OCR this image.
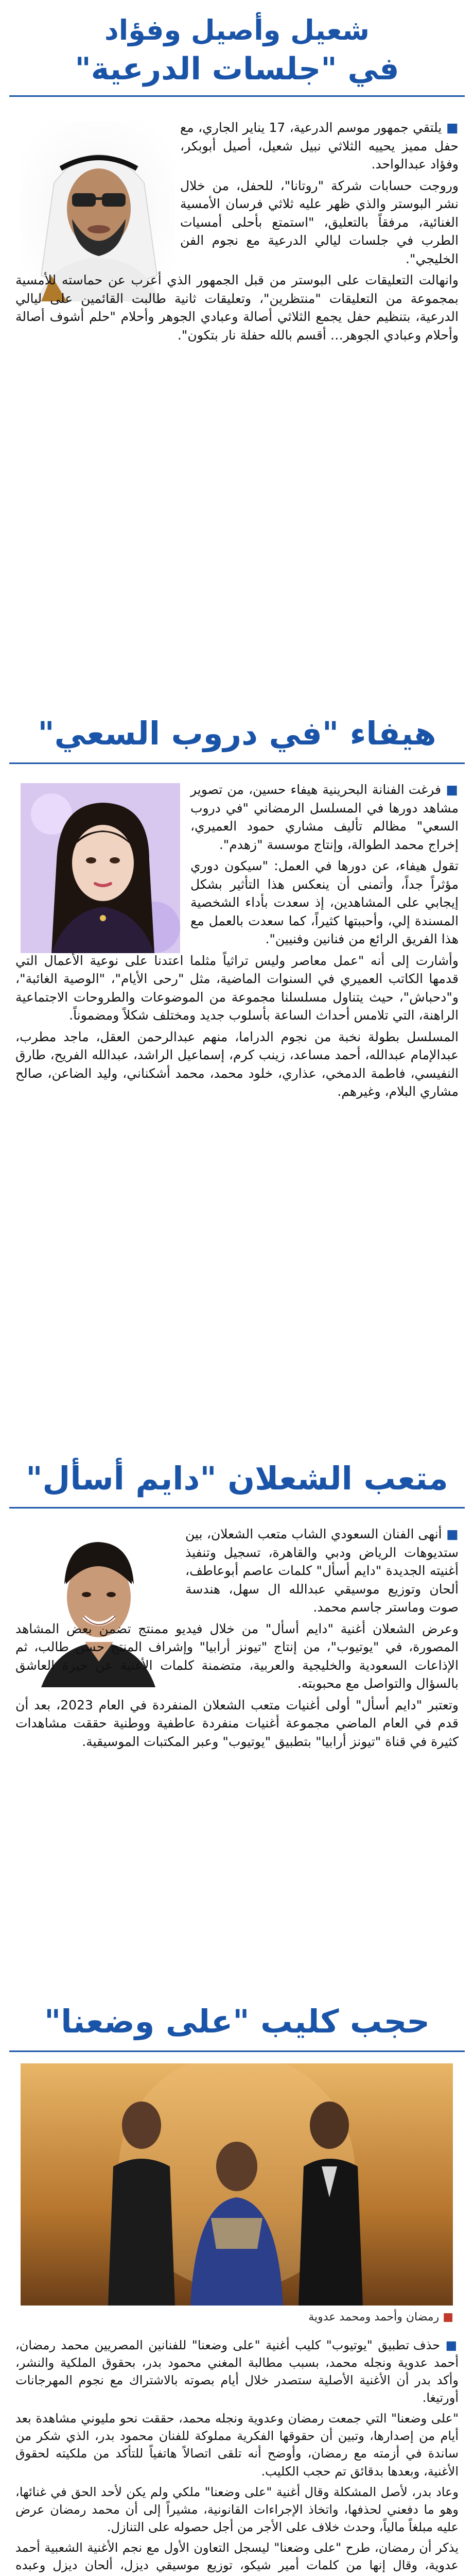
شعيل وأصيل وفؤاد
في "جلسات الدرعية"

■ يلتقي جمهور موسم الدرعية، 17 يناير الجاري، مع حفل مميز يحييه الثلاثي نبيل شعيل، أصيل أبوبكر، وفؤاد عبدالواحد.

وروجت حسابات شركة "روتانا"، للحفل، من خلال نشر البوستر والذي ظهر عليه ثلاثي فرسان الأمسية الغنائية، مرفقاً بالتعليق، "استمتع بأحلى أمسيات الطرب في جلسات ليالي الدرعية مع نجوم الفن الخليجي".

وانهالت التعليقات على البوستر من قبل الجمهور الذي أعرب عن حماسته للأمسية بمجموعة من التعليقات "منتظرين"، وتعليقات ثانية طالبت القائمين على ليالي الدرعية، بتنظيم حفل يجمع الثلاثي أصالة وعبادي الجوهر وأحلام "حلم أشوف أصالة وأحلام وعبادي الجوهر… أقسم بالله حفلة نار بتكون".

هيفاء "في دروب السعي"

■ فرغت الفنانة البحرينية هيفاء حسين، من تصوير مشاهد دورها في المسلسل الرمضاني "في دروب السعي" مظالم تأليف مشاري حمود العميري، إخراج محمد الطوالة، وإنتاج موسسة "زهدم".

تقول هيفاء، عن دورها في العمل: "سيكون دوري مؤثراً جداً، وأتمنى أن ينعكس هذا التأثير بشكل إيجابي على المشاهدين، إذ سعدت بأداء الشخصية المسندة إلي، وأحببتها كثيراً، كما سعدت بالعمل مع هذا الفريق الرائع من فنانين وفنيين".

وأشارت إلى أنه "عمل معاصر وليس تراثياً مثلما اعتدنا على نوعية الأعمال التي قدمها الكاتب العميري في السنوات الماضية، مثل "رحى الأيام"، "الوصية الغائبة"، و"دحباش"، حيث يتناول مسلسلنا مجموعة من الموضوعات والطروحات الاجتماعية الراهنة، التي تلامس أحداث الساعة بأسلوب جديد ومختلف شكلاً ومضموناً.

المسلسل بطولة نخبة من نجوم الدراما، منهم عبدالرحمن العقل، ماجد مطرب، عبدالإمام عبدالله، أحمد مساعد، زينب كرم، إسماعيل الراشد، عبدالله الفريح، طارق النفيسي، فاطمة الدمخي، عذاري، خلود محمد، محمد أشكناني، وليد الضاعن، صالح مشاري البلام، وغيرهم.

متعب الشعلان "دايم أسأل"

■ أنهى الفنان السعودي الشاب متعب الشعلان، بين ستديوهات الرياض ودبي والقاهرة، تسجيل وتنفيذ أغنيته الجديدة "دايم أسأل" كلمات عاصم أبوعاطف، ألحان وتوزيع موسيقي عبدالله ال سهل، هندسة صوت وماستر جاسم محمد.

وعرض الشعلان أغنية "دايم أسأل" من خلال فيديو ممنتج تضمن بعض المشاهد المصورة، في "يوتيوب"، من إنتاج "تيونز أرابيا" وإشراف المنتج حسن طالب، ثم الإذاعات السعودية والخليجية والعربية، متضمنة كلمات الأغنية عن حيرة العاشق بالسؤال والتواصل مع محبوبته.

وتعتبر "دايم أسأل" أولى أغنيات متعب الشعلان المنفردة في العام 2023، بعد أن قدم في العام الماضي مجموعة أغنيات منفردة عاطفية ووطنية حققت مشاهدات كثيرة في قناة "تيونز أرابيا" بتطبيق "يوتيوب" وعبر المكتبات الموسيقية.

حجب كليب "على وضعنا"
■ رمضان وأحمد ومحمد عدوية

■ حذف تطبيق "يوتيوب" كليب أغنية "على وضعنا" للفنانين المصريين محمد رمضان، أحمد عدوية ونجله محمد، بسبب مطالبة المغني محمود بدر، بحقوق الملكية والنشر، وأكد بدر أن الأغنية الأصلية ستصدر خلال أيام بصوته بالاشتراك مع نجوم المهرجانات أورتيغا.

"على وضعنا" التي جمعت رمضان وعدوية ونجله محمد، حققت نحو مليوني مشاهدة بعد أيام من إصدارها، وتبين أن حقوقها الفكرية مملوكة للفنان محمود بدر، الذي شكر من ساندة في أزمته مع رمضان، وأوضح أنه تلقى اتصالاً هاتفياً للتأكد من ملكيته لحقوق الأغنية، وبعدها بدقائق تم حجب الكليب.

وعاد بدر، لأصل المشكلة وقال أغنية "على وضعنا" ملكي ولم يكن لأحد الحق في غنائها، وهو ما دفعني لحذفها، واتخاذ الإجراءات القانونية، مشيراً إلى أن محمد رمضان عرض عليه مبلغاً مالياً، وحدث خلاف على الأجر من أجل حصوله على التنازل.

يذكر أن رمضان، طرح "على وضعنا" ليسجل التعاون الأول مع نجم الأغنية الشعبية أحمد عدوية، وقال إنها من كلمات أمير شيكو، توزيع موسيقي ديزل، ألحان ديزل وعبده
